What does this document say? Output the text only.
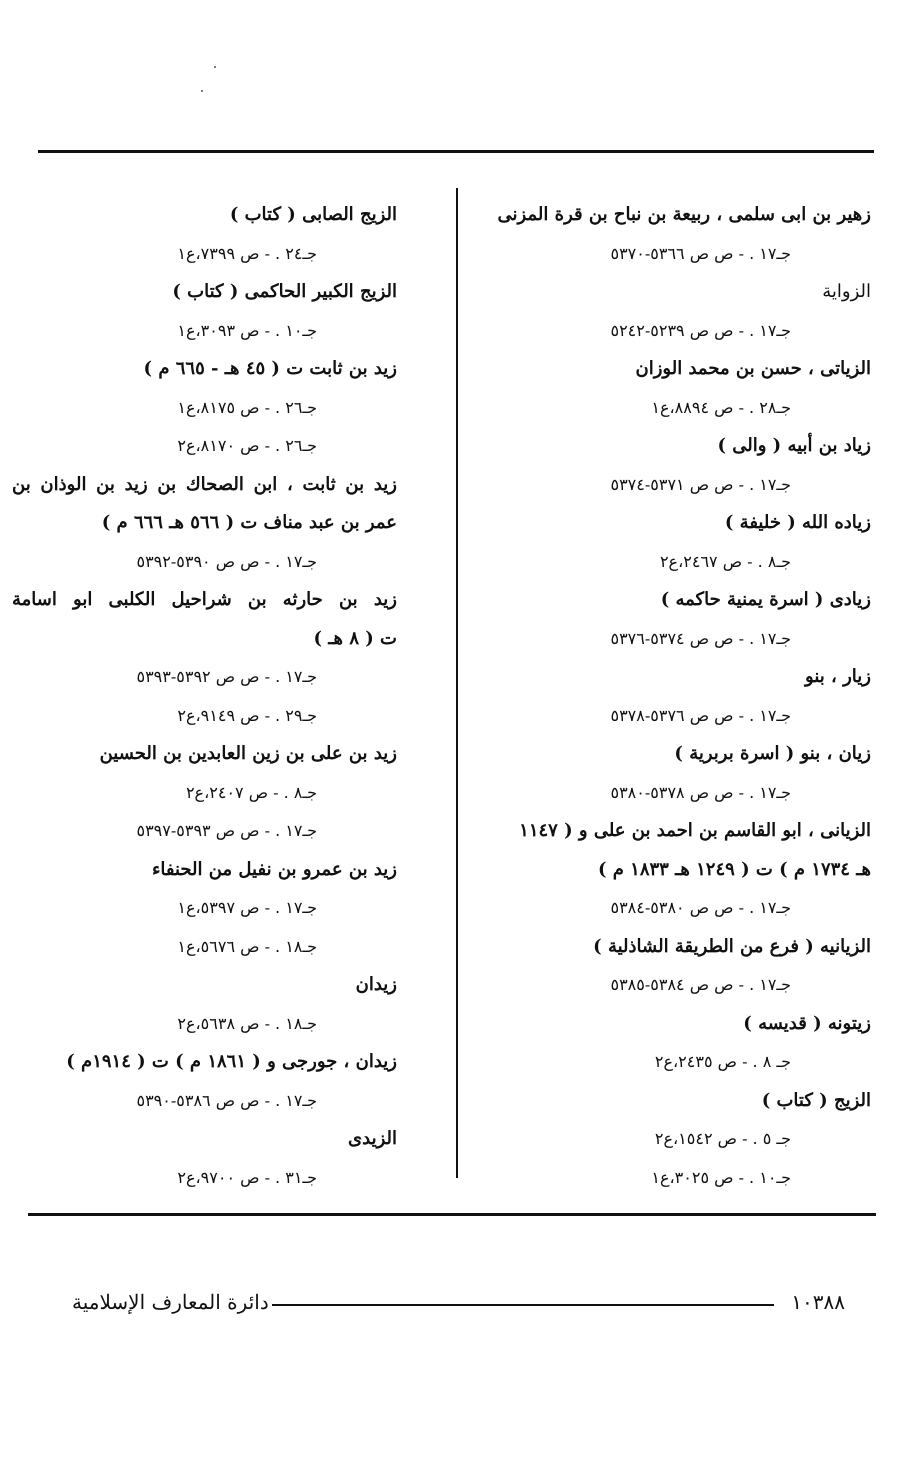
زهير بن ابى سلمى ، ربيعة بن نباح بن قرة المزنى
جـ١٧ . - ص ص ٥٣٦٦-٥٣٧٠
الزواية
جـ١٧ . - ص ص ٥٢٣٩-٥٢٤٢
الزياتى ، حسن بن محمد الوزان
جـ٢٨ . - ص ٨٨٩٤،ع١
زياد بن أبيه ( والى )
جـ١٧ . - ص ص ٥٣٧١-٥٣٧٤
زياده الله ( خليفة )
جـ٨ . - ص ٢٤٦٧،ع٢
زيادى ( اسرة يمنية حاكمه )
جـ١٧ . - ص ص ٥٣٧٤-٥٣٧٦
زيار ، بنو
جـ١٧ . - ص ص ٥٣٧٦-٥٣٧٨
زيان ، بنو ( اسرة بربرية )
جـ١٧ . - ص ص ٥٣٧٨-٥٣٨٠
الزيانى ، ابو القاسم بن احمد بن على و ( ١١٤٧
هـ ١٧٣٤ م ) ت ( ١٢٤٩ هـ ١٨٣٣ م )
جـ١٧ . - ص ص ٥٣٨٠-٥٣٨٤
الزيانيه ( فرع من الطريقة الشاذلية )
جـ١٧ . - ص ص ٥٣٨٤-٥٣٨٥
زيتونه ( قديسه )
جـ ٨ . - ص ٢٤٣٥،ع٢
الزيج ( كتاب )
جـ ٥ . - ص ١٥٤٢،ع٢
جـ١٠ . - ص ٣٠٢٥،ع١
الزيج الصابى ( كتاب )
جـ٢٤ . - ص ٧٣٩٩،ع١
الزيج الكبير الحاكمى ( كتاب )
جـ١٠ . - ص ٣٠٩٣،ع١
زيد بن ثابت ت ( ٤٥ هـ - ٦٦٥ م )
جـ٢٦ . - ص ٨١٧٥،ع١
جـ٢٦ . - ص ٨١٧٠،ع٢
زيد بن ثابت ، ابن الصحاك بن زيد بن الوذان بن
عمر بن عبد مناف ت ( ٥٦٦ هـ ٦٦٦ م )
جـ١٧ . - ص ص ٥٣٩٠-٥٣٩٢
زيد بن حارثه بن شراحيل الكلبى ابو اسامة
ت ( ٨ هـ )
جـ١٧ . - ص ص ٥٣٩٢-٥٣٩٣
جـ٢٩ . - ص ٩١٤٩،ع٢
زيد بن على بن زين العابدين بن الحسين
جـ٨ . - ص ٢٤٠٧،ع٢
جـ١٧ . - ص ص ٥٣٩٣-٥٣٩٧
زيد بن عمرو بن نفيل من الحنفاء
جـ١٧ . - ص ٥٣٩٧،ع١
جـ١٨ . - ص ٥٦٧٦،ع١
زيدان
جـ١٨ . - ص ٥٦٣٨،ع٢
زيدان ، جورجى و ( ١٨٦١ م ) ت ( ١٩١٤م )
جـ١٧ . - ص ص ٥٣٨٦-٥٣٩٠
الزيدى
جـ٣١ . - ص ٩٧٠٠،ع٢
دائرة المعارف الإسلامية	١٠٣٨٨
